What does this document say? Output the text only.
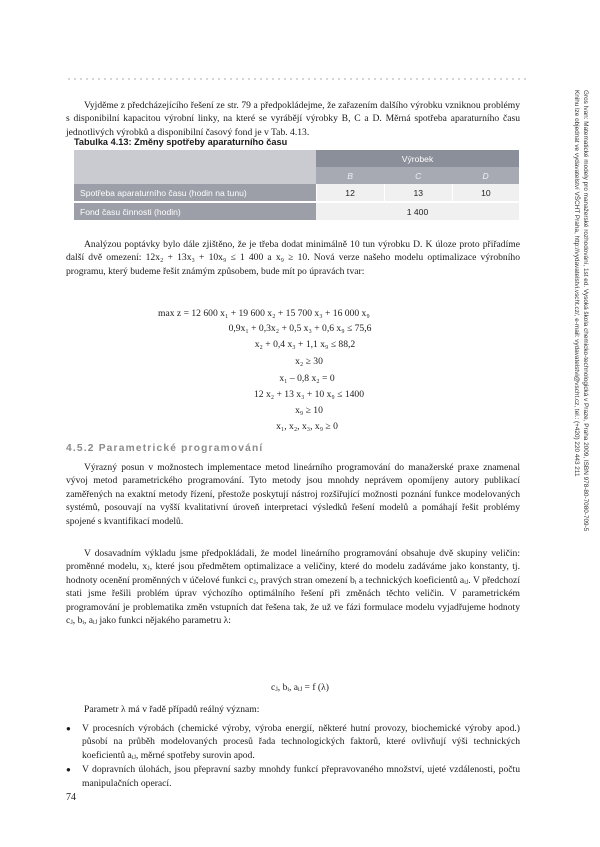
Vyjděme z předcházejícího řešení ze str. 79 a předpokládejme, že zařazením dalšího výrobku vzniknou problémy s disponibilní kapacitou výrobní linky, na které se vyrábějí výrobky B, C a D. Měrná spotřeba aparaturního času jednotlivých výrobků a disponibilní časový fond je v Tab. 4.13.

Tabulka 4.13: Změny spotřeby aparaturního času
	Výrobek		
	B	C	D
Spotřeba aparaturního času (hodin na tunu)	12	13	10

Fond času činnosti (hodin)	1 400		

Analýzou poptávky bylo dále zjištěno, že je třeba dodat minimálně 10 tun výrobku D. K úloze proto přiřadíme další dvě omezení: 12x₂ + 13x₃ + 10x₉ ≤ 1 400 a x₉ ≥ 10. Nová verze našeho modelu optimalizace výrobního programu, který budeme řešit známým způsobem, bude mít po úpravách tvar:

max z = 12 600 x₁ + 19 600 x₂ + 15 700 x₃ + 16 000 x₉
0,9x₁ + 0,3x₂ + 0,5 x₃ + 0,6 x₉ ≤ 75,6
x₂ + 0,4 x₃ + 1,1 x₉ ≤ 88,2
x₂ ≥ 30
x₁ – 0,8 x₂ = 0
12 x₂ + 13 x₃ + 10 x₉ ≤ 1400
x₉ ≥ 10
x₁, x₂, x₃, x₉ ≥ 0
4.5.2 Parametrické programování

Výrazný posun v možnostech implementace metod lineárního programování do manažerské praxe znamenal vývoj metod parametrického programování. Tyto metody jsou mnohdy neprávem opomíjeny autory publikací zaměřených na exaktní metody řízení, přestože poskytují nástroj rozšiřující možnosti poznání funkce modelovaných systémů, posouvají na vyšší kvalitativní úroveň interpretaci výsledků řešení modelů a pomáhají řešit problémy spojené s kvantifikací modelů.

V dosavadním výkladu jsme předpokládali, že model lineárního programování obsahuje dvě skupiny veličin: proměnné modelu, xⱼ, které jsou předmětem optimalizace a veličiny, které do modelu zadáváme jako konstanty, tj. hodnoty ocenění proměnných v účelové funkci cⱼ, pravých stran omezení bᵢ a technických koeficientů aᵢⱼ. V předchozí stati jsme řešili problém úprav výchozího optimálního řešení při změnách těchto veličin. V parametrickém programování je problematika změn vstupních dat řešena tak, že už ve fázi formulace modelu vyjadřujeme hodnoty cⱼ, bᵢ, aᵢⱼ jako funkci nějakého parametru λ:

cⱼ, bᵢ, aᵢⱼ = f (λ)

Parametr λ má v řadě případů reálný význam:

● V procesních výrobách (chemické výroby, výroba energií, některé hutní provozy, biochemické výroby apod.) působí na průběh modelovaných procesů řada technologických faktorů, které ovlivňují výši technických koeficientů aᵢⱼ, měrné spotřeby surovin apod.
● V dopravních úlohách, jsou přepravní sazby mnohdy funkcí přepravovaného množství, ujeté vzdálenosti, počtu manipulačních operací.
74
Gros Ivan: Matematické modely pro manažerské rozhodování, 1st ed. Vysoká škola chemicko-technologická v Praze, Praha 2009, ISBN 978-80-7080-709-5
Knihu lze objednat ve vydavatelství VŠCHT Praha, http://vydavatelstvi.vscht.cz/, e-mail: vydavatelstvi@vscht.cz, tel.: (+420) 220 443 211
